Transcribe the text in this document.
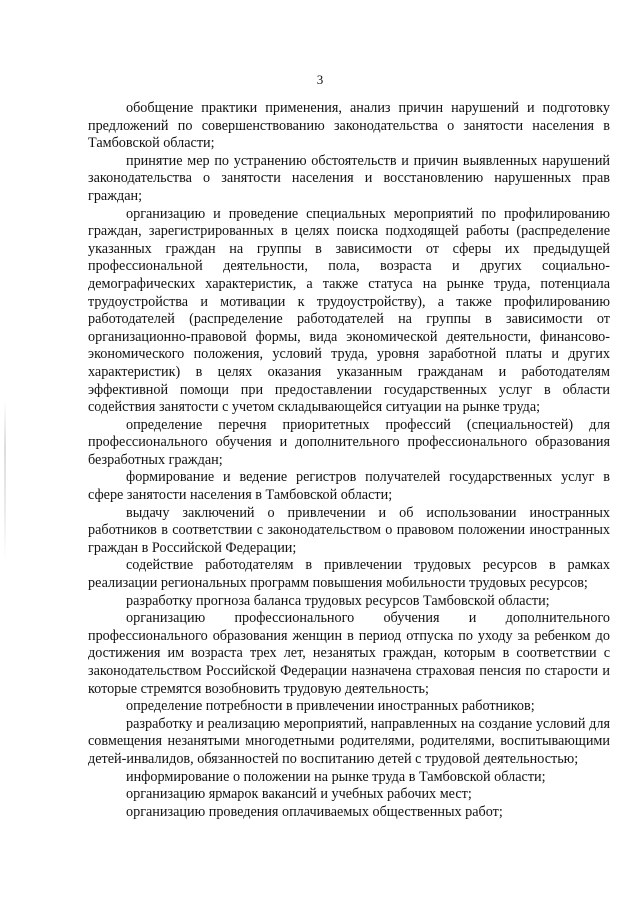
3

обобщение практики применения, анализ причин нарушений и подготовку предложений по совершенствованию законодательства о занятости населения в Тамбовской области;

принятие мер по устранению обстоятельств и причин выявленных нарушений законодательства о занятости населения и восстановлению нарушенных прав граждан;

организацию и проведение специальных мероприятий по профилированию граждан, зарегистрированных в целях поиска подходящей работы (распределение указанных граждан на группы в зависимости от сферы их предыдущей профессиональной деятельности, пола, возраста и других социально-демографических характеристик, а также статуса на рынке труда, потенциала трудоустройства и мотивации к трудоустройству), а также профилированию работодателей (распределение работодателей на группы в зависимости от организационно-правовой формы, вида экономической деятельности, финансово-экономического положения, условий труда, уровня заработной платы и других характеристик) в целях оказания указанным гражданам и работодателям эффективной помощи при предоставлении государственных услуг в области содействия занятости с учетом складывающейся ситуации на рынке труда;

определение перечня приоритетных профессий (специальностей) для профессионального обучения и дополнительного профессионального образования безработных граждан;

формирование и ведение регистров получателей государственных услуг в сфере занятости населения в Тамбовской области;

выдачу заключений о привлечении и об использовании иностранных работников в соответствии с законодательством о правовом положении иностранных граждан в Российской Федерации;

содействие работодателям в привлечении трудовых ресурсов в рамках реализации региональных программ повышения мобильности трудовых ресурсов;

разработку прогноза баланса трудовых ресурсов Тамбовской области;

организацию профессионального обучения и дополнительного профессионального образования женщин в период отпуска по уходу за ребенком до достижения им возраста трех лет, незанятых граждан, которым в соответствии с законодательством Российской Федерации назначена страховая пенсия по старости и которые стремятся возобновить трудовую деятельность;

определение потребности в привлечении иностранных работников;

разработку и реализацию мероприятий, направленных на создание условий для совмещения незанятыми многодетными родителями, родителями, воспитывающими детей-инвалидов, обязанностей по воспитанию детей с трудовой деятельностью;

информирование о положении на рынке труда в Тамбовской области;

организацию ярмарок вакансий и учебных рабочих мест;

организацию проведения оплачиваемых общественных работ;
